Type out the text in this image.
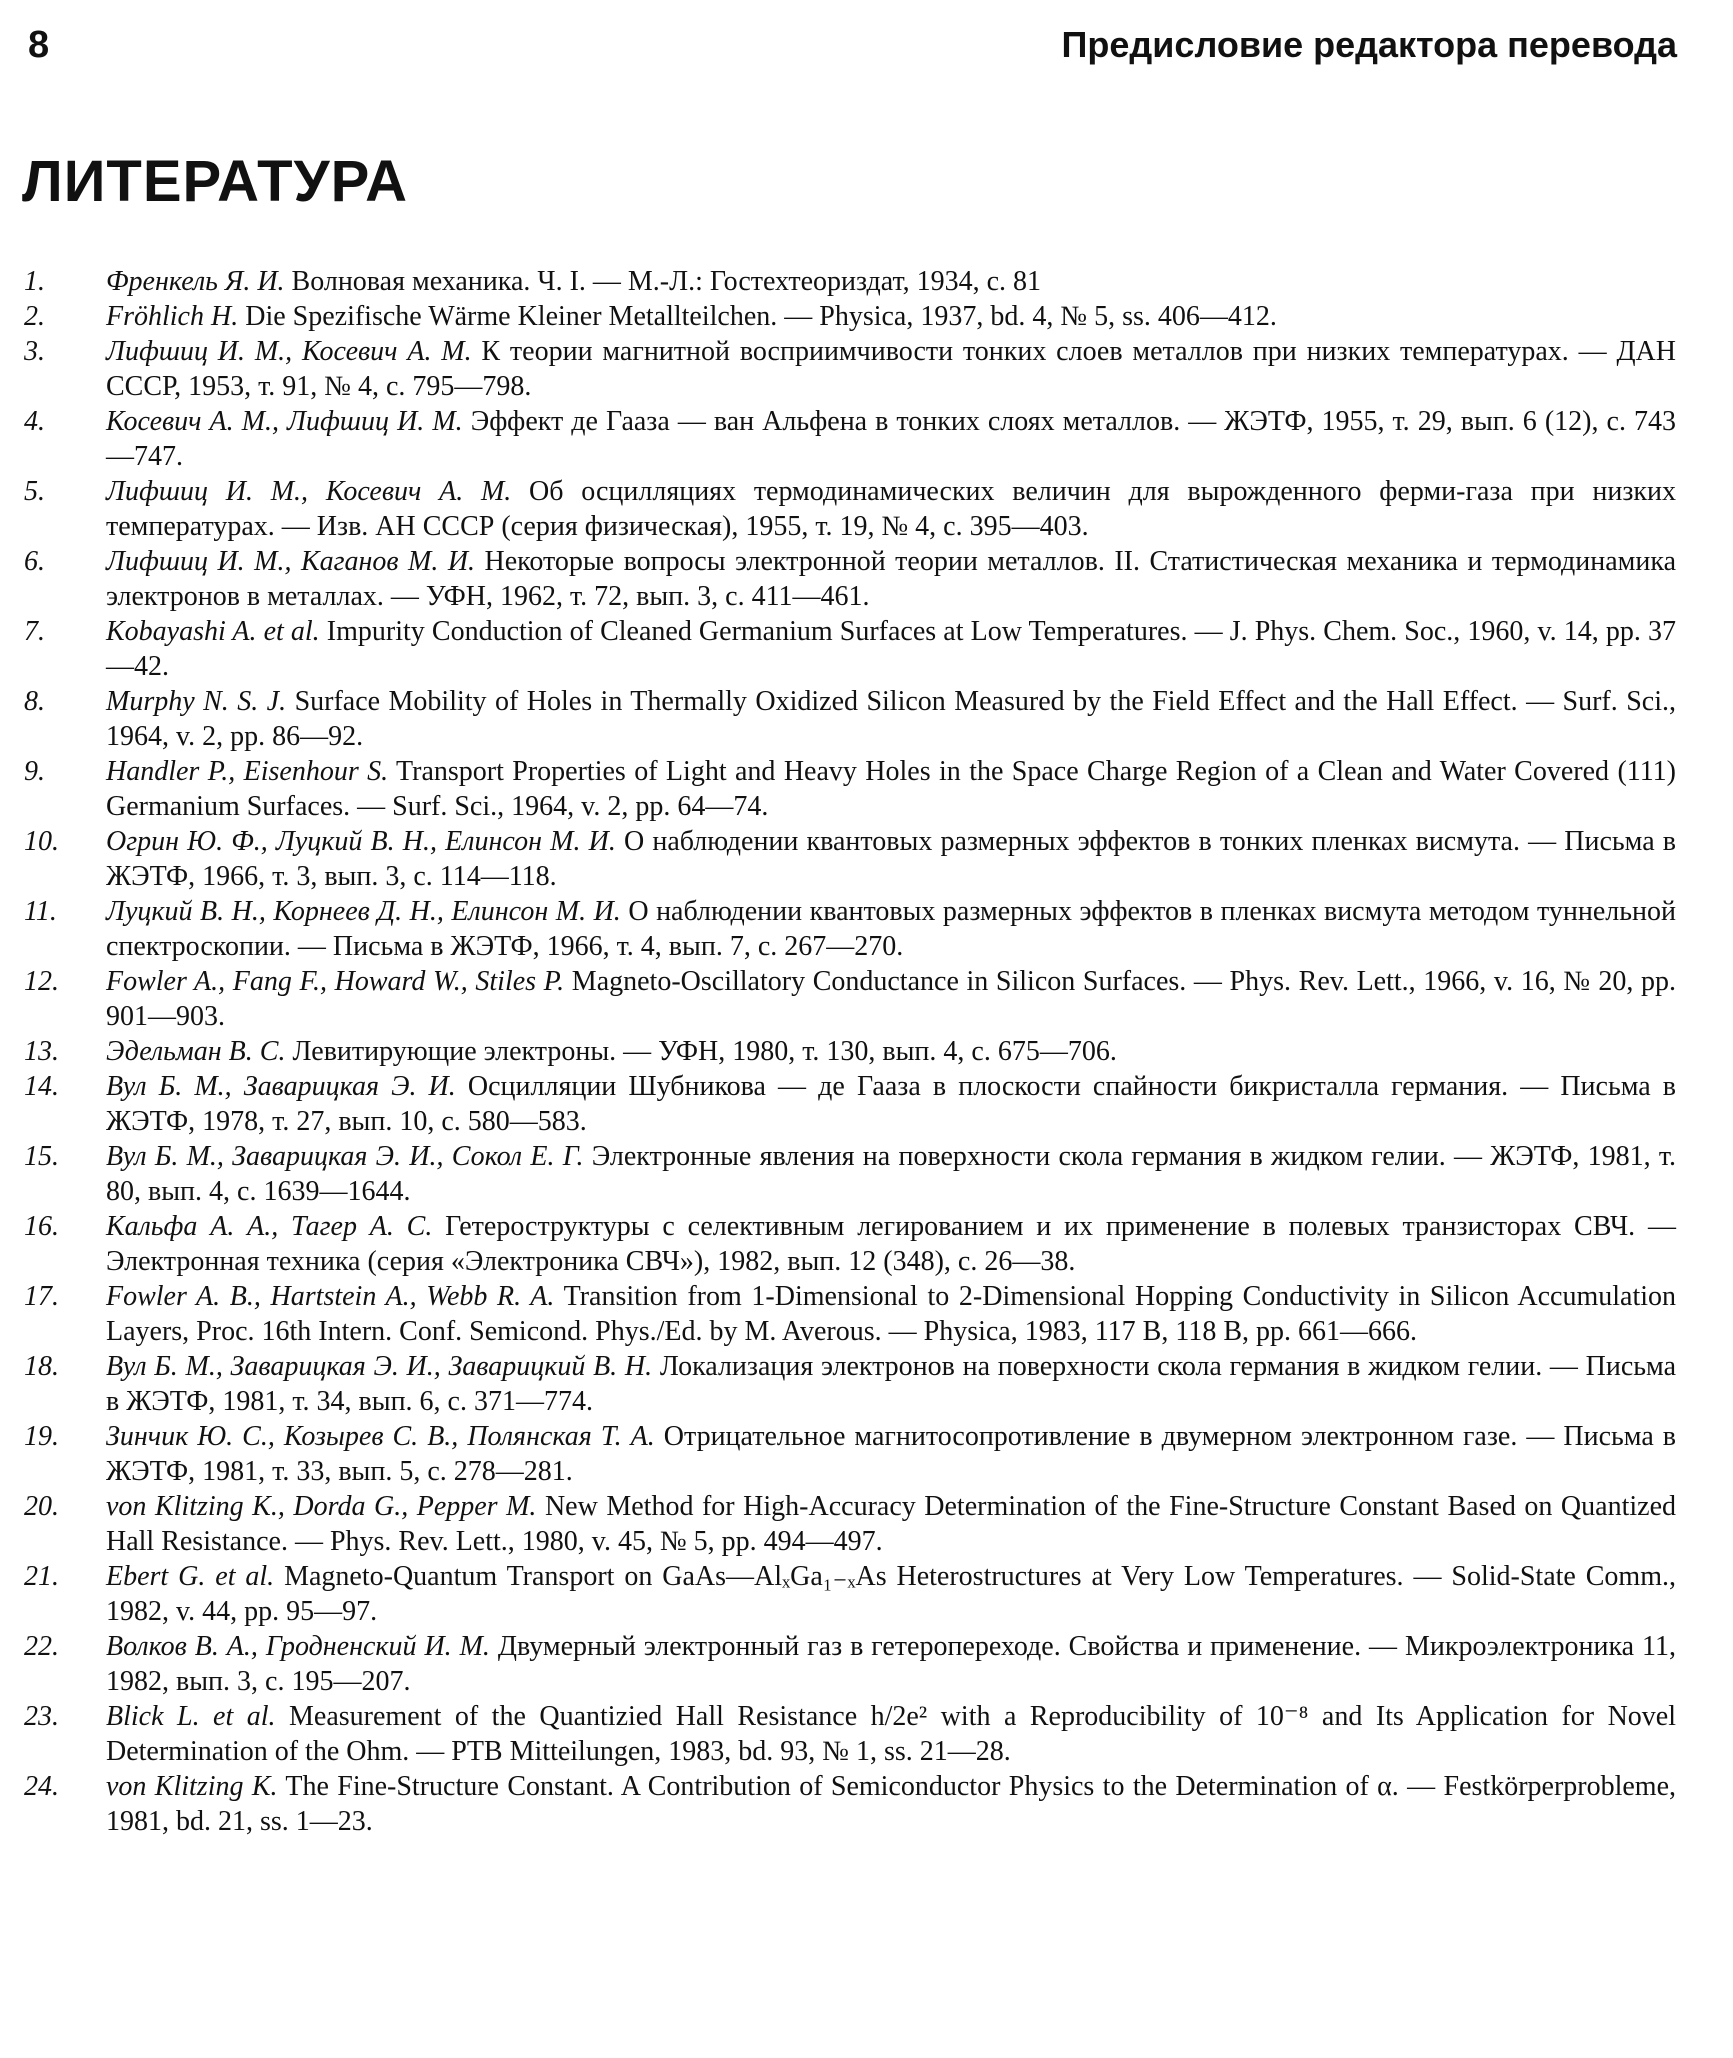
8	Предисловие редактора перевода
ЛИТЕРАТУРА
1.	Френкель Я. И. Волновая механика. Ч. I. — М.-Л.: Гостехтеориздат, 1934, с. 81
2.	Fröhlich H. Die Spezifische Wärme Kleiner Metallteilchen. — Physica, 1937, bd. 4, № 5, ss. 406—412.
3.	Лифшиц И. М., Косевич А. М. К теории магнитной восприимчивости тонких слоев металлов при низких температурах. — ДАН СССР, 1953, т. 91, № 4, с. 795—798.
4.	Косевич А. М., Лифшиц И. М. Эффект де Гааза — ван Альфена в тонких слоях металлов. — ЖЭТФ, 1955, т. 29, вып. 6 (12), с. 743—747.
5.	Лифшиц И. М., Косевич А. М. Об осцилляциях термодинамических величин для вырожденного ферми-газа при низких температурах. — Изв. АН СССР (серия физическая), 1955, т. 19, № 4, с. 395—403.
6.	Лифшиц И. М., Каганов М. И. Некоторые вопросы электронной теории металлов. II. Статистическая механика и термодинамика электронов в металлах. — УФН, 1962, т. 72, вып. 3, с. 411—461.
7.	Kobayashi A. et al. Impurity Conduction of Cleaned Germanium Surfaces at Low Temperatures. — J. Phys. Chem. Soc., 1960, v. 14, pp. 37—42.
8.	Murphy N. S. J. Surface Mobility of Holes in Thermally Oxidized Silicon Measured by the Field Effect and the Hall Effect. — Surf. Sci., 1964, v. 2, pp. 86—92.
9.	Handler P., Eisenhour S. Transport Properties of Light and Heavy Holes in the Space Charge Region of a Clean and Water Covered (111) Germanium Surfaces. — Surf. Sci., 1964, v. 2, pp. 64—74.
10.	Огрин Ю. Ф., Луцкий В. Н., Елинсон М. И. О наблюдении квантовых размерных эффектов в тонких пленках висмута. — Письма в ЖЭТФ, 1966, т. 3, вып. 3, с. 114—118.
11.	Луцкий В. Н., Корнеев Д. Н., Елинсон М. И. О наблюдении квантовых размерных эффектов в пленках висмута методом туннельной спектроскопии. — Письма в ЖЭТФ, 1966, т. 4, вып. 7, с. 267—270.
12.	Fowler A., Fang F., Howard W., Stiles P. Magneto-Oscillatory Conductance in Silicon Surfaces. — Phys. Rev. Lett., 1966, v. 16, № 20, pp. 901—903.
13.	Эдельман В. С. Левитирующие электроны. — УФН, 1980, т. 130, вып. 4, с. 675—706.
14.	Вул Б. М., Заварицкая Э. И. Осцилляции Шубникова — де Гааза в плоскости спайности бикристалла германия. — Письма в ЖЭТФ, 1978, т. 27, вып. 10, с. 580—583.
15.	Вул Б. М., Заварицкая Э. И., Сокол Е. Г. Электронные явления на поверхности скола германия в жидком гелии. — ЖЭТФ, 1981, т. 80, вып. 4, с. 1639—1644.
16.	Кальфа А. А., Тагер А. С. Гетероструктуры с селективным легированием и их применение в полевых транзисторах СВЧ. — Электронная техника (серия «Электроника СВЧ»), 1982, вып. 12 (348), с. 26—38.
17.	Fowler A. B., Hartstein A., Webb R. A. Transition from 1-Dimensional to 2-Dimensional Hopping Conductivity in Silicon Accumulation Layers, Proc. 16th Intern. Conf. Semicond. Phys./Ed. by M. Averous. — Physica, 1983, 117 B, 118 B, pp. 661—666.
18.	Вул Б. М., Заварицкая Э. И., Заварицкий В. Н. Локализация электронов на поверхности скола германия в жидком гелии. — Письма в ЖЭТФ, 1981, т. 34, вып. 6, с. 371—774.
19.	Зинчик Ю. С., Козырев С. В., Полянская Т. А. Отрицательное магнитосопротивление в двумерном электронном газе. — Письма в ЖЭТФ, 1981, т. 33, вып. 5, с. 278—281.
20.	von Klitzing K., Dorda G., Pepper M. New Method for High-Accuracy Determination of the Fine-Structure Constant Based on Quantized Hall Resistance. — Phys. Rev. Lett., 1980, v. 45, № 5, pp. 494—497.
21.	Ebert G. et al. Magneto-Quantum Transport on GaAs—AlₓGa₁₋ₓAs Heterostructures at Very Low Temperatures. — Solid-State Comm., 1982, v. 44, pp. 95—97.
22.	Волков В. А., Гродненский И. М. Двумерный электронный газ в гетеропереходе. Свойства и применение. — Микроэлектроника 11, 1982, вып. 3, с. 195—207.
23.	Blick L. et al. Measurement of the Quantizied Hall Resistance h/2e² with a Reproducibility of 10⁻⁸ and Its Application for Novel Determination of the Ohm. — PTB Mitteilungen, 1983, bd. 93, № 1, ss. 21—28.
24.	von Klitzing K. The Fine-Structure Constant. A Contribution of Semiconductor Physics to the Determination of α. — Festkörperprobleme, 1981, bd. 21, ss. 1—23.
